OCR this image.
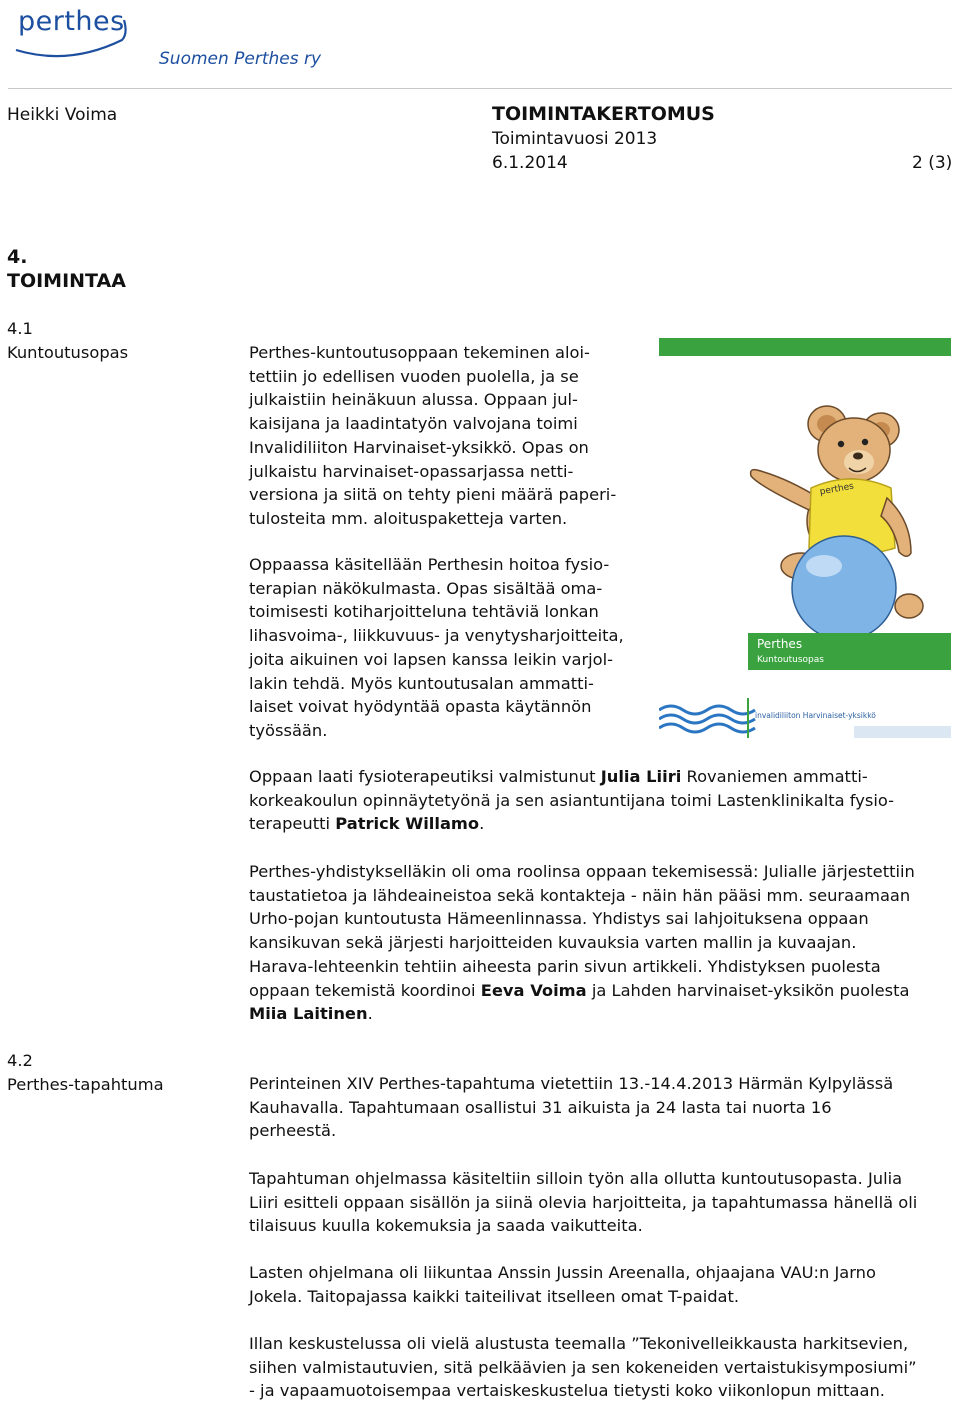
perthes
Suomen Perthes ry
Heikki Voima	TOIMINTAKERTOMUS
Toimintavuosi 2013
6.1.2014	2 (3)
4.
TOIMINTAA
4.1
Kuntoutusopas	Perthes-kuntoutusoppaan tekeminen aloi-
tettiin jo edellisen vuoden puolella, ja se
julkaistiin heinäkuun alussa. Oppaan jul-
kaisijana ja laadintatyön valvojana toimi
Invalidiliiton Harvinaiset-yksikkö. Opas on
julkaistu harvinaiset-opassarjassa netti-
versiona ja siitä on tehty pieni määrä paperi-
tulosteita mm. aloituspaketteja varten.
Oppaassa käsitellään Perthesin hoitoa fysio-
terapian näkökulmasta. Opas sisältää oma-
toimisesti kotiharjoitteluna tehtäviä lonkan
lihasvoima-, liikkuvuus- ja venytysharjoitteita,
joita aikuinen voi lapsen kanssa leikin varjol-
lakin tehdä. Myös kuntoutusalan ammatti-
laiset voivat hyödyntää opasta käytännön
työssään.
perthes
Perthes
Kuntoutusopas
invalidiliiton Harvinaiset-yksikkö
Oppaan laati fysioterapeutiksi valmistunut Julia Liiri Rovaniemen ammatti-
korkeakoulun opinnäytetyönä ja sen asiantuntijana toimi Lastenklinikalta fysio-
terapeutti Patrick Willamo.
Perthes-yhdistykselläkin oli oma roolinsa oppaan tekemisessä: Julialle järjestettiin
taustatietoa ja lähdeaineistoa sekä kontakteja - näin hän pääsi mm. seuraamaan
Urho-pojan kuntoutusta Hämeenlinnassa. Yhdistys sai lahjoituksena oppaan
kansikuvan sekä järjesti harjoitteiden kuvauksia varten mallin ja kuvaajan.
Harava-lehteenkin tehtiin aiheesta parin sivun artikkeli. Yhdistyksen puolesta
oppaan tekemistä koordinoi Eeva Voima ja Lahden harvinaiset-yksikön puolesta
Miia Laitinen.
4.2
Perthes-tapahtuma	Perinteinen XIV Perthes-tapahtuma vietettiin 13.-14.4.2013 Härmän Kylpylässä
Kauhavalla. Tapahtumaan osallistui 31 aikuista ja 24 lasta tai nuorta 16
perheestä.
Tapahtuman ohjelmassa käsiteltiin silloin työn alla ollutta kuntoutusopasta. Julia
Liiri esitteli oppaan sisällön ja siinä olevia harjoitteita, ja tapahtumassa hänellä oli
tilaisuus kuulla kokemuksia ja saada vaikutteita.
Lasten ohjelmana oli liikuntaa Anssin Jussin Areenalla, ohjaajana VAU:n Jarno
Jokela. Taitopajassa kaikki taiteilivat itselleen omat T-paidat.
Illan keskustelussa oli vielä alustusta teemalla ”Tekonivelleikkausta harkitsevien,
siihen valmistautuvien, sitä pelkäävien ja sen kokeneiden vertaistukisymposiumi”
- ja vapaamuotoisempaa vertaiskeskustelua tietysti koko viikonlopun mittaan.
